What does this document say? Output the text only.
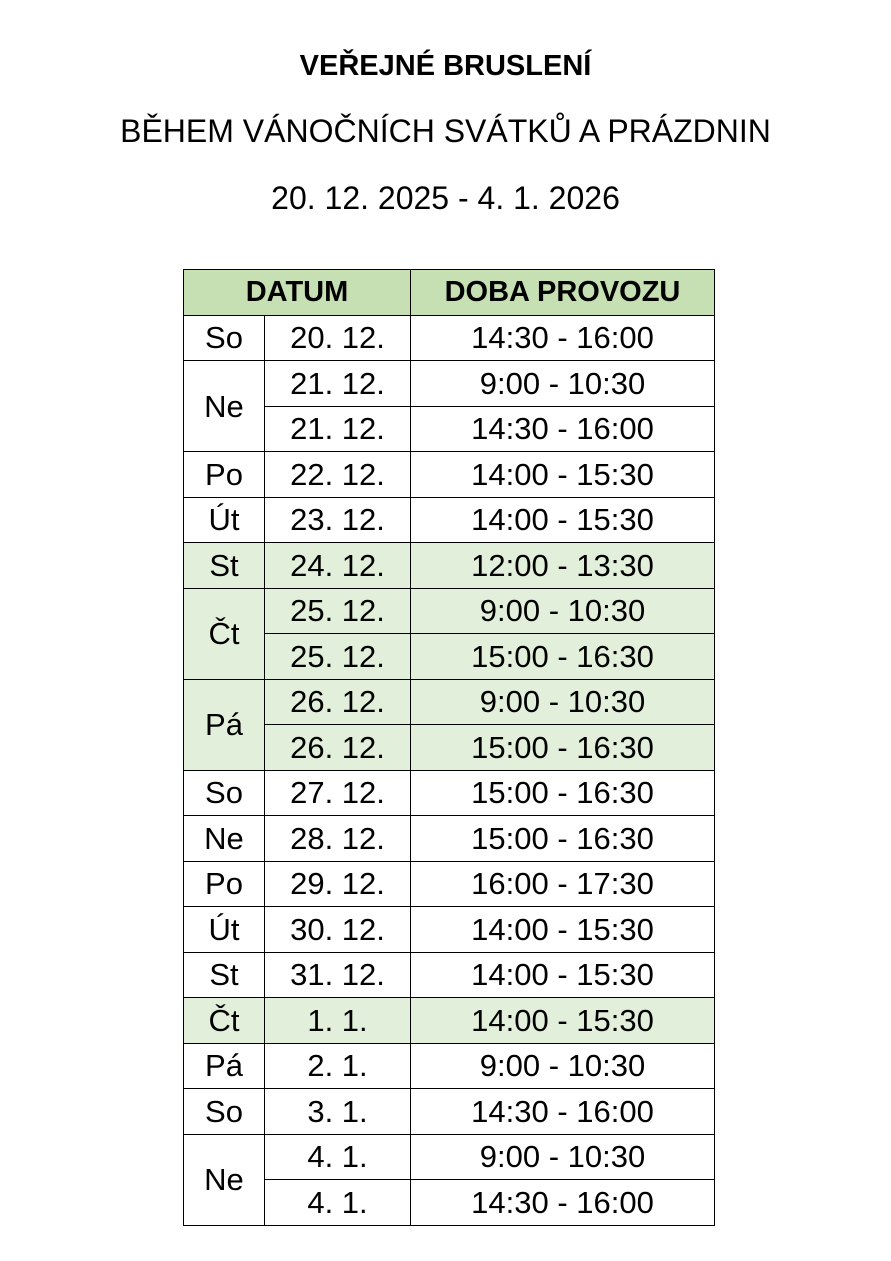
VEŘEJNÉ BRUSLENÍ
BĚHEM VÁNOČNÍCH SVÁTKŮ A PRÁZDNIN
20. 12. 2025 - 4. 1. 2026
DATUM		DOBA PROVOZU
So	20. 12.	14:30 - 16:00
Ne	21. 12.	9:00 - 10:30
	21. 12.	14:30 - 16:00
Po	22. 12.	14:00 - 15:30
Út	23. 12.	14:00 - 15:30
St	24. 12.	12:00 - 13:30
Čt	25. 12.	9:00 - 10:30
	25. 12.	15:00 - 16:30
Pá	26. 12.	9:00 - 10:30
	26. 12.	15:00 - 16:30
So	27. 12.	15:00 - 16:30
Ne	28. 12.	15:00 - 16:30
Po	29. 12.	16:00 - 17:30
Út	30. 12.	14:00 - 15:30
St	31. 12.	14:00 - 15:30
Čt	1. 1.	14:00 - 15:30
Pá	2. 1.	9:00 - 10:30
So	3. 1.	14:30 - 16:00
Ne	4. 1.	9:00 - 10:30
	4. 1.	14:30 - 16:00
